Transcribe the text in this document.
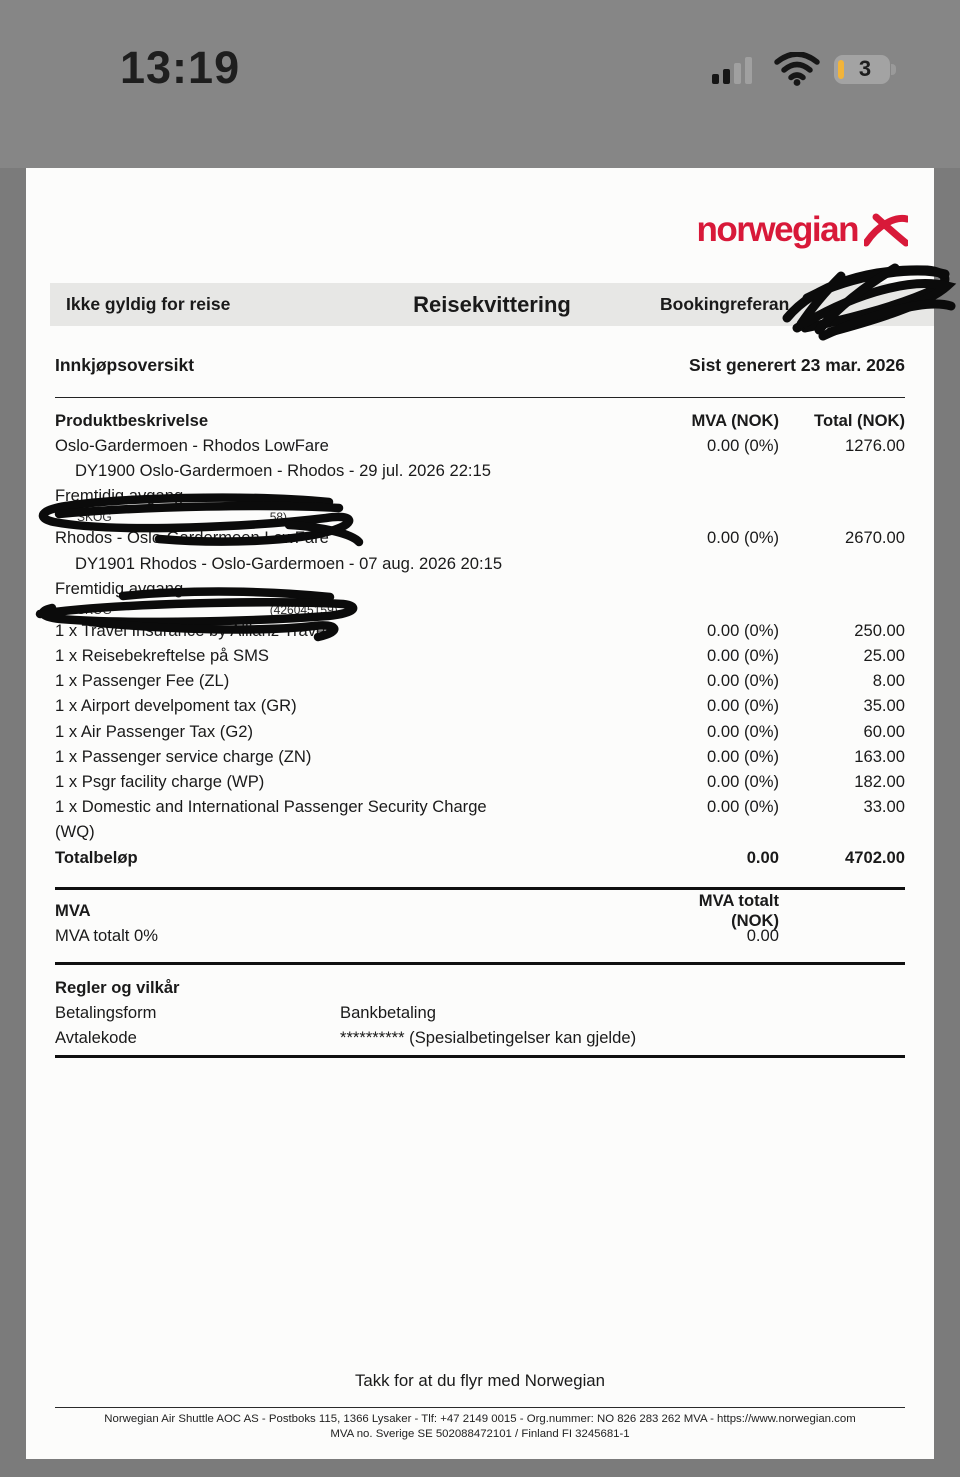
13:19	3
norwegian
Ikke gyldig for reise	Reisekvittering	Bookingreferan
Innkjøpsoversikt	Sist generert 23 mar. 2026
Produktbeskrivelse	MVA (NOK)	Total (NOK)
Oslo-Gardermoen - Rhodos LowFare	0.00 (0%)	1276.00
DY1900 Oslo-Gardermoen - Rhodos - 29 jul. 2026 22:15
Fremtidig avgang
SKOG	58)
Rhodos - Oslo-Gardermoen LowFare	0.00 (0%)	2670.00
DY1901 Rhodos - Oslo-Gardermoen - 07 aug. 2026 20:15
Fremtidig avgang
SKOG	(426045159)
1 x Travel Insurance by Allianz Travel	0.00 (0%)	250.00
1 x Reisebekreftelse på SMS	0.00 (0%)	25.00
1 x Passenger Fee (ZL)	0.00 (0%)	8.00
1 x Airport develpoment tax (GR)	0.00 (0%)	35.00
1 x Air Passenger Tax (G2)	0.00 (0%)	60.00
1 x Passenger service charge (ZN)	0.00 (0%)	163.00
1 x Psgr facility charge (WP)	0.00 (0%)	182.00
1 x Domestic and International Passenger Security Charge	0.00 (0%)	33.00
(WQ)
Totalbeløp	0.00	4702.00
MVA
MVA totalt (NOK)
MVA totalt 0%	0.00
Regler og vilkår
Betalingsform	Bankbetaling
Avtalekode	********** (Spesialbetingelser kan gjelde)
Takk for at du flyr med Norwegian
Norwegian Air Shuttle AOC AS - Postboks 115, 1366 Lysaker - Tlf: +47 2149 0015 - Org.nummer: NO 826 283 262 MVA - https://www.norwegian.com
MVA no. Sverige SE 502088472101 / Finland FI 3245681-1
